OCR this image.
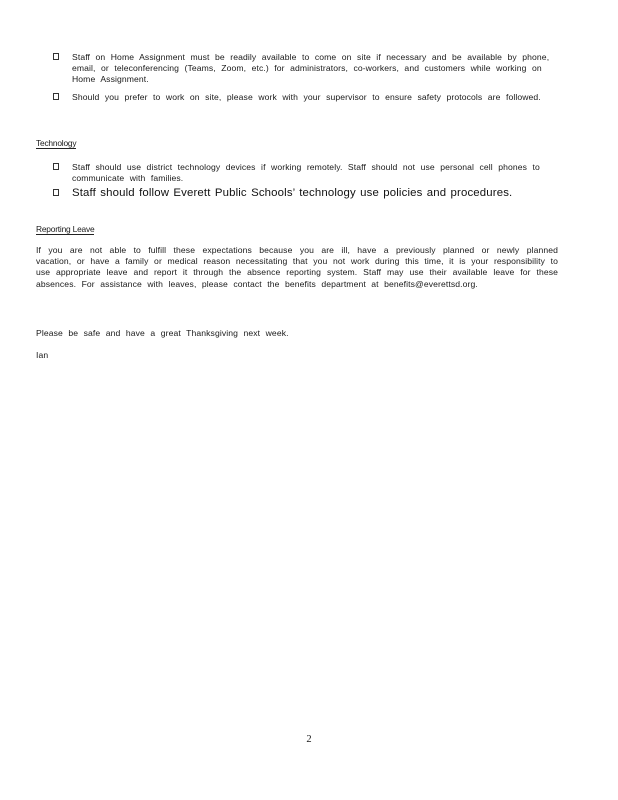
Staff on Home Assignment must be readily available to come on site if necessary and be available by phone, email, or teleconferencing (Teams, Zoom, etc.) for administrators, co-workers, and customers while working on Home Assignment.
Should you prefer to work on site, please work with your supervisor to ensure safety protocols are followed.
Technology
Staff should use district technology devices if working remotely. Staff should not use personal cell phones to communicate with families.
Staff should follow Everett Public Schools’ technology use policies and procedures.
Reporting Leave
If you are not able to fulfill these expectations because you are ill, have a previously planned or newly planned vacation, or have a family or medical reason necessitating that you not work during this time, it is your responsibility to use appropriate leave and report it through the absence reporting system. Staff may use their available leave for these absences. For assistance with leaves, please contact the benefits department at benefits@everettsd.org.
Please be safe and have a great Thanksgiving next week.
Ian
2
